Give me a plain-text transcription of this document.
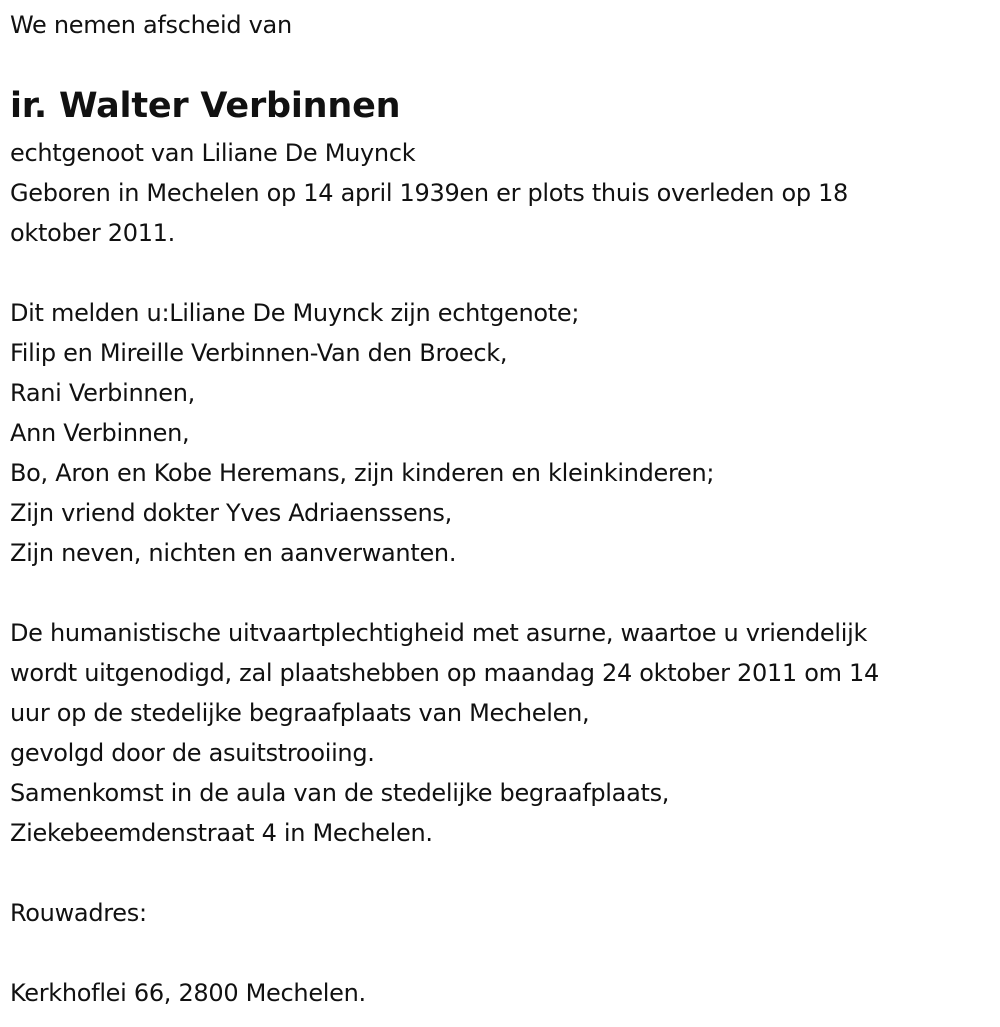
We nemen afscheid van
ir. Walter Verbinnen
echtgenoot van Liliane De Muynck
Geboren in Mechelen op 14 april 1939en er plots thuis overleden op 18
oktober 2011.
Dit melden u:Liliane De Muynck zijn echtgenote;
Filip en Mireille Verbinnen-Van den Broeck,
Rani Verbinnen,
Ann Verbinnen,
Bo, Aron en Kobe Heremans, zijn kinderen en kleinkinderen;
Zijn vriend dokter Yves Adriaenssens,
Zijn neven, nichten en aanverwanten.
De humanistische uitvaartplechtigheid met asurne, waartoe u vriendelijk
wordt uitgenodigd, zal plaatshebben op maandag 24 oktober 2011 om 14
uur op de stedelijke begraafplaats van Mechelen,
gevolgd door de asuitstrooiing.
Samenkomst in de aula van de stedelijke begraafplaats,
Ziekebeemdenstraat 4 in Mechelen.
Rouwadres:
Kerkhoflei 66, 2800 Mechelen.
